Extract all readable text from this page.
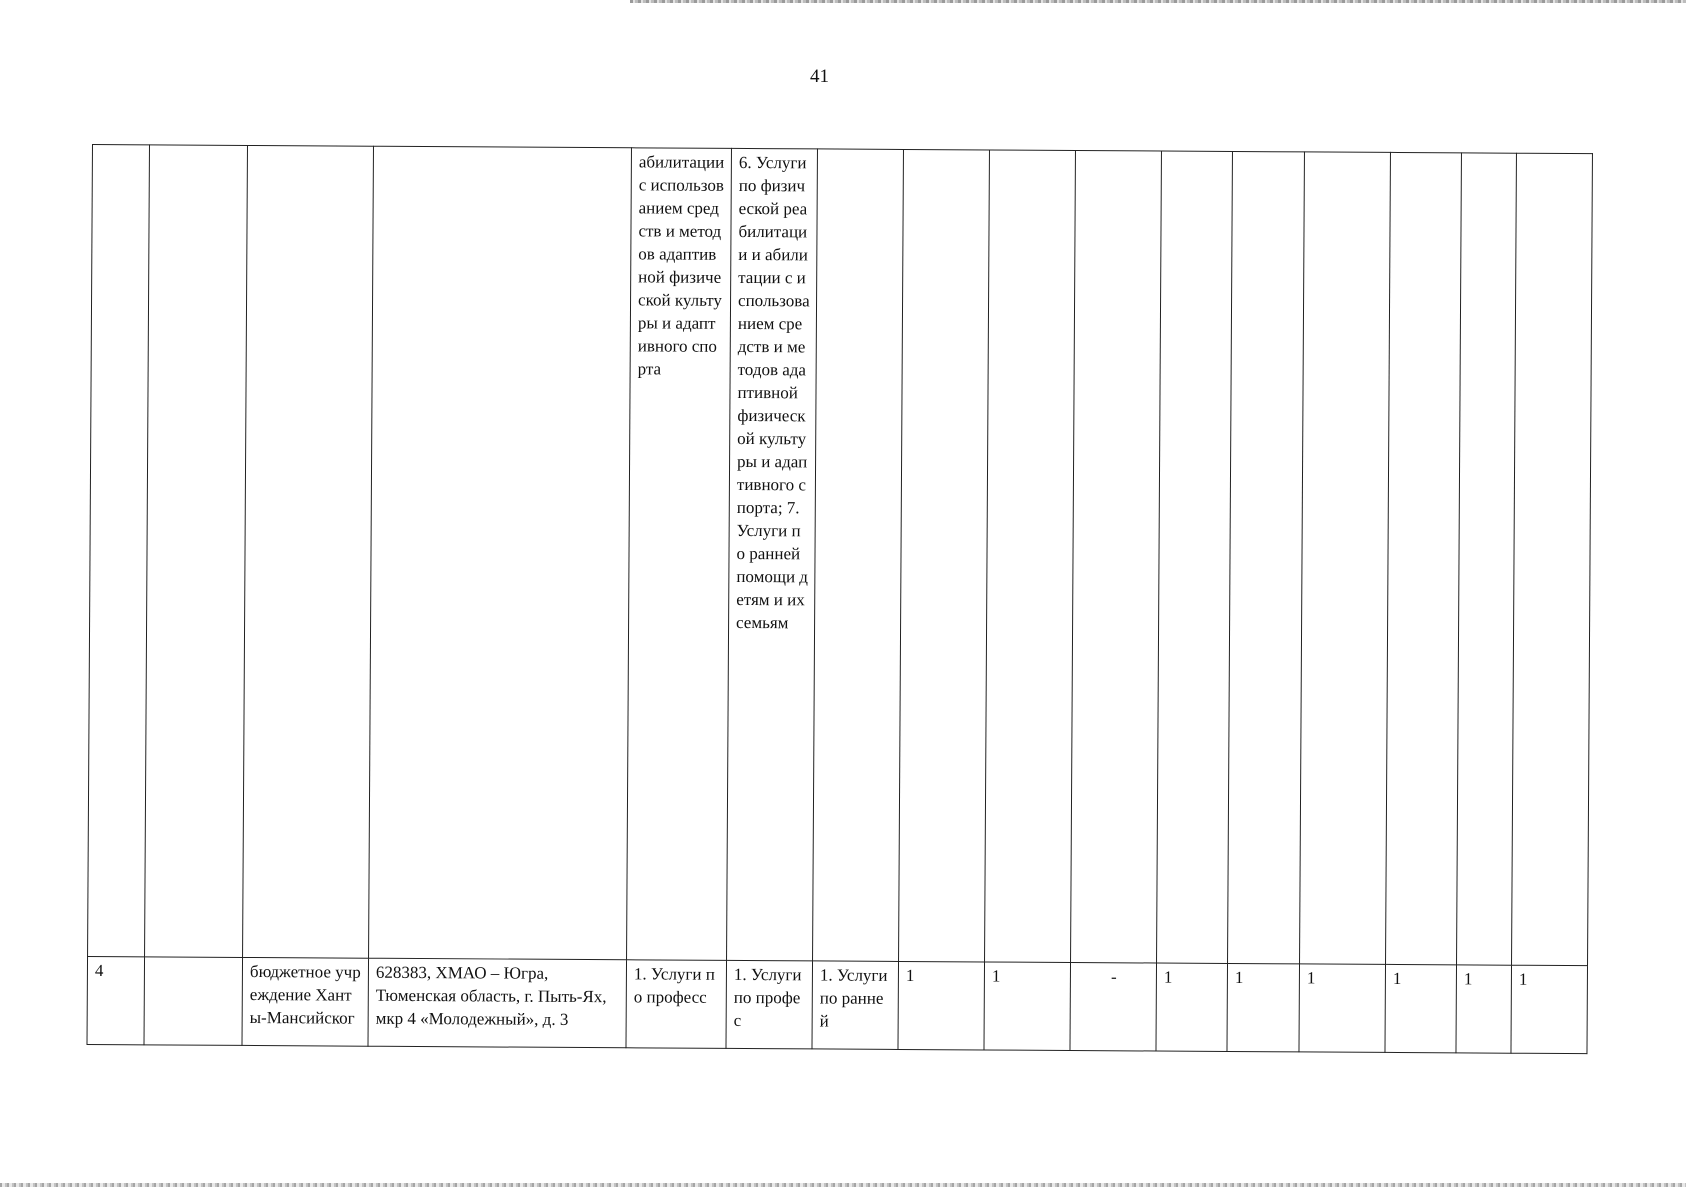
41

				абилитации с использованием средств и методов адаптивной физической культуры и адаптивного спорта	6. Услуги по физической реабилитации и абилитации с использованием средств и методов адаптивной физической культуры и адаптивного спорта; 7. Услуги по ранней помощи детям и их семьям										

4		бюджетное учреждение Ханты-Мансийског	628383, ХМАО – Югра, Тюменская область, г. Пыть-Ях, мкр 4 «Молодежный», д. 3	1. Услуги по професс	1. Услуги по профес	1. Услуги по ранней	1	1	-	1	1	1	1	1	1
